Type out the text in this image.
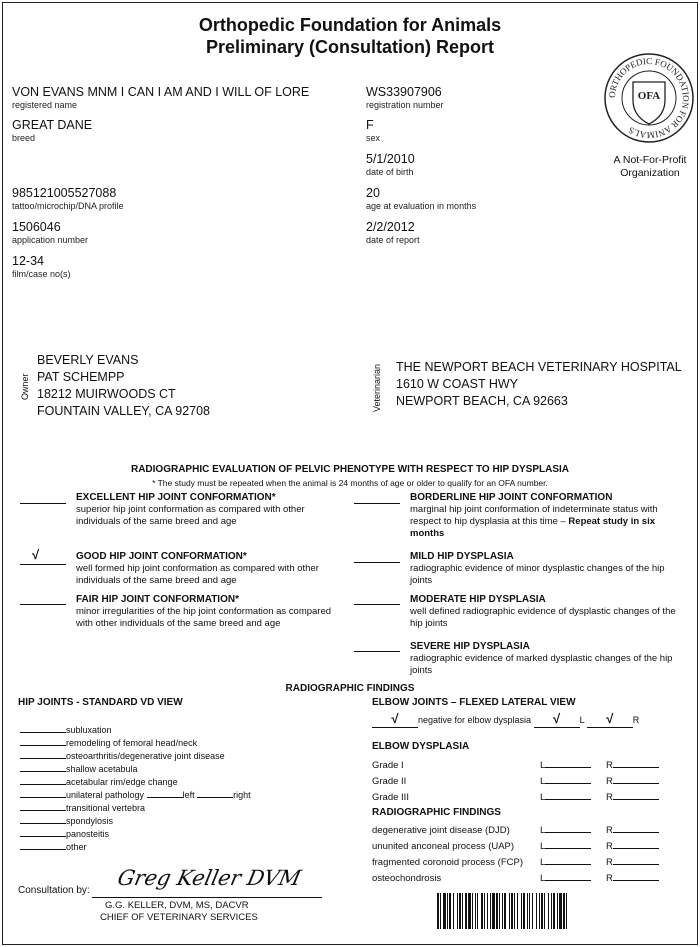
Orthopedic Foundation for Animals
Preliminary (Consultation) Report
ORTHOPEDIC FOUNDATION FOR ANIMALS
OFA
A Not-For-Profit
Organization
VON EVANS MNM I CAN I AM AND I WILL OF LORE
registered name
GREAT DANE
breed
985121005527088
tattoo/microchip/DNA profile
1506046
application number
12-34
film/case no(s)
WS33907906
registration number
F
sex
5/1/2010
date of birth
20
age at evaluation in months
2/2/2012
date of report
Owner
BEVERLY EVANS
PAT SCHEMPP
18212 MUIRWOODS CT
FOUNTAIN VALLEY, CA 92708	Veterinarian THE NEWPORT BEACH VETERINARY HOSPITAL
1610 W COAST HWY
NEWPORT BEACH, CA 92663
RADIOGRAPHIC EVALUATION OF PELVIC PHENOTYPE WITH RESPECT TO HIP DYSPLASIA
* The study must be repeated when the animal is 24 months of age or older to qualify for an OFA number.
EXCELLENT HIP JOINT CONFORMATION*
superior hip joint conformation as compared with other individuals of the same breed and age
√	GOOD HIP JOINT CONFORMATION*
well formed hip joint conformation as compared with other individuals of the same breed and age
FAIR HIP JOINT CONFORMATION*
minor irregularities of the hip joint conformation as compared with other individuals of the same breed and age
BORDERLINE HIP JOINT CONFORMATION
marginal hip joint conformation of indeterminate status with respect to hip dysplasia at this time – Repeat study in six months
MILD HIP DYSPLASIA
radiographic evidence of minor dysplastic changes of the hip joints
MODERATE HIP DYSPLASIA
well defined radiographic evidence of dysplastic changes of the hip joints
SEVERE HIP DYSPLASIA
radiographic evidence of marked dysplastic changes of the hip joints
RADIOGRAPHIC FINDINGS
HIP JOINTS - STANDARD VD VIEW
subluxation
remodeling of femoral head/neck
osteoarthritis/degenerative joint disease
shallow acetabula
acetabular rim/edge change
unilateral pathology	left	right
transitional vertebra
spondylosis
panosteitis
other
ELBOW JOINTS – FLEXED LATERAL VIEW
√ negative for elbow dysplasia √ L √ R
ELBOW DYSPLASIA
Grade I	L	R
Grade II	L	R
Grade III	L	R
RADIOGRAPHIC FINDINGS
degenerative joint disease (DJD)	L	R
ununited anconeal process (UAP)	L	R
fragmented coronoid process (FCP) L	R
osteochondrosis	L	R
Consultation by:
Greg Keller DVM
G.G. KELLER, DVM, MS, DACVR
CHIEF OF VETERINARY SERVICES
